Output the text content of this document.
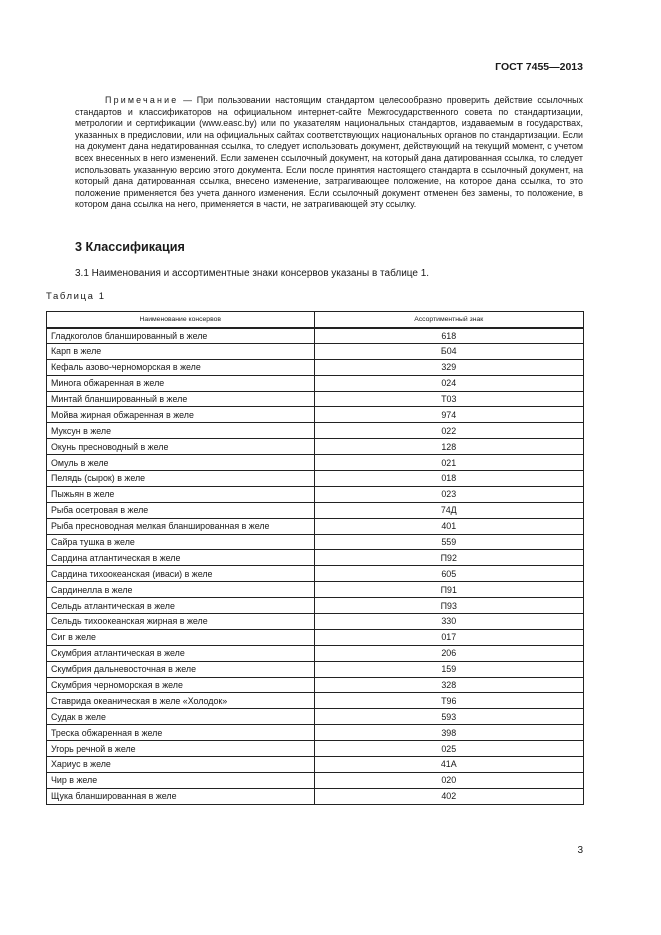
ГОСТ 7455—2013
Примечание — При пользовании настоящим стандартом целесообразно проверить действие ссылочных стандартов и классификаторов на официальном интернет-сайте Межгосударственного совета по стандартизации, метрологии и сертификации (www.easc.by) или по указателям национальных стандартов, издаваемым в государствах, указанных в предисловии, или на официальных сайтах соответствующих национальных органов по стандартизации. Если на документ дана недатированная ссылка, то следует использовать документ, действующий на текущий момент, с учетом всех внесенных в него изменений. Если заменен ссылочный документ, на который дана датированная ссылка, то следует использовать указанную версию этого документа. Если после принятия настоящего стандарта в ссылочный документ, на который дана датированная ссылка, внесено изменение, затрагивающее положение, на которое дана ссылка, то это положение применяется без учета данного изменения. Если ссылочный документ отменен без замены, то положение, в котором дана ссылка на него, применяется в части, не затрагивающей эту ссылку.
3 Классификация
3.1 Наименования и ассортиментные знаки консервов указаны в таблице 1.
Таблица 1
Наименование консервов	Ассортиментный знак
Гладкоголов бланшированный в желе	618
Карп в желе	Б04
Кефаль азово-черноморская в желе	329
Минога обжаренная в желе	024
Минтай бланшированный в желе	Т03
Мойва жирная обжаренная в желе	974
Муксун в желе	022
Окунь пресноводный в желе	128
Омуль в желе	021
Пелядь (сырок) в желе	018
Пыжьян в желе	023
Рыба осетровая в желе	74Д
Рыба пресноводная мелкая бланшированная в желе	401
Сайра тушка в желе	559
Сардина атлантическая в желе	П92
Сардина тихоокеанская (иваси) в желе	605
Сардинелла в желе	П91
Сельдь атлантическая в желе	П93
Сельдь тихоокеанская жирная в желе	330
Сиг в желе	017
Скумбрия атлантическая в желе	206
Скумбрия дальневосточная в желе	159
Скумбрия черноморская в желе	328
Ставрида океаническая в желе «Холодок»	Т96
Судак в желе	593
Треска обжаренная в желе	398
Угорь речной в желе	025
Хариус в желе	41А
Чир в желе	020
Щука бланшированная в желе	402
3
